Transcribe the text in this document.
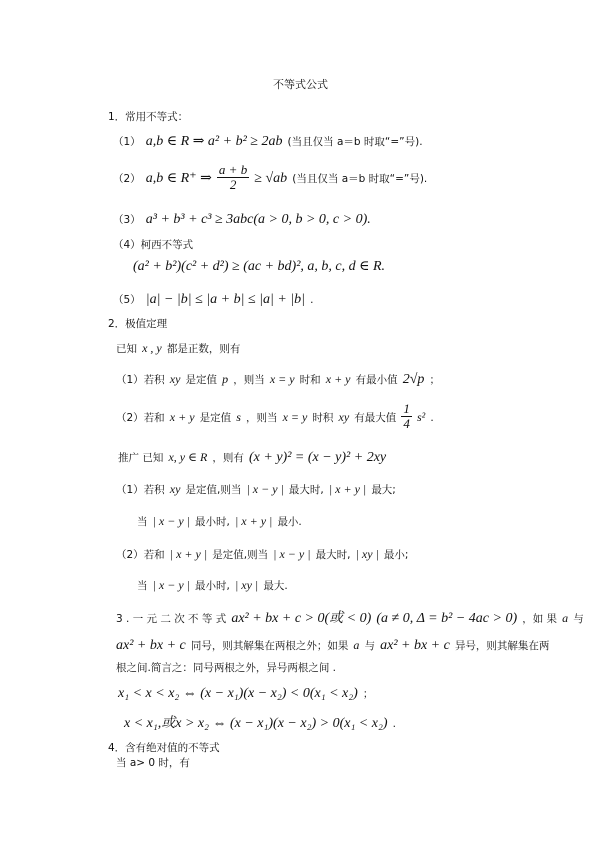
不等式公式
1．常用不等式：
（1） a,b ∈ R ⇒ a² + b² ≥ 2ab (当且仅当 a＝b 时取“=”号).
（2） a,b ∈ R⁺ ⇒ $\frac{a + b}{2} \ge √ab$ (当且仅当 a＝b 时取“=”号).
（3） a³ + b³ + c³ ≥ 3abc(a > 0, b > 0, c > 0).
（4）柯西不等式
(a² + b²)(c² + d²) ≥ (ac + bd)², a, b, c, d ∈ R.
（5） |a| − |b| ≤ |a + b| ≤ |a| + |b| .
2．极值定理
已知 x , y 都是正数，则有
（1）若积 xy 是定值 p ，则当 x = y 时和 x + y 有最小值 2√p ；
（2）若和 x + y 是定值 s ，则当 x = y 时积 xy 有最大值 $\frac{1}{4} s^2$ .
推广 已知 x, y ∈ R ，则有 (x + y)² = (x − y)² + 2xy
（1）若积 xy 是定值,则当 | x − y | 最大时, | x + y | 最大;
当 | x − y | 最小时, | x + y | 最小.
（2）若和 | x + y | 是定值,则当 | x − y | 最大时, | xy | 最小;
当 | x − y | 最小时, | xy | 最大.
3 . 一 元 二 次 不 等 式 ax² + bx + c > 0(或 < 0) (a ≠ 0, Δ = b² − 4ac > 0) ，如 果 a 与
ax² + bx + c 同号，则其解集在两根之外；如果 a 与 ax² + bx + c 异号，则其解集在两
根之间.简言之：同号两根之外，异号两根之间 .
x₁ < x < x₂ ⇔ (x − x₁)(x − x₂) < 0(x₁ < x₂) ；
x < x₁,或x > x₂ ⇔ (x − x₁)(x − x₂) > 0(x₁ < x₂) .
4．含有绝对值的不等式
当 a> 0 时，有
